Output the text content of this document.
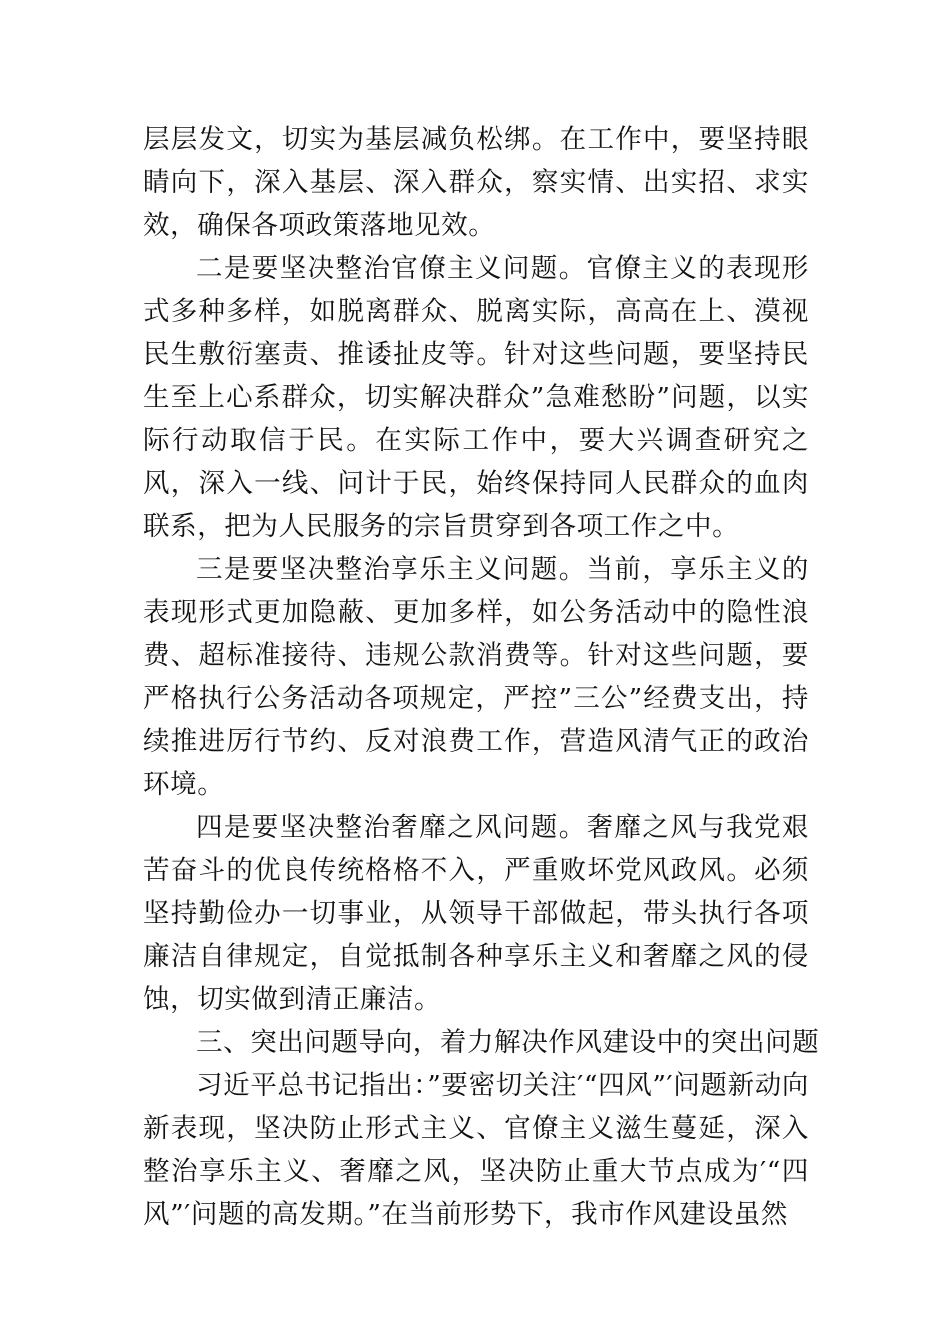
层层发文，切实为基层减负松绑。在工作中，要坚持眼睛向下，深入基层、深入群众，察实情、出实招、求实效，确保各项政策落地见效。

二是要坚决整治官僚主义问题。官僚主义的表现形式多种多样，如脱离群众、脱离实际，高高在上、漠视民生敷衍塞责、推诿扯皮等。针对这些问题，要坚持民生至上心系群众，切实解决群众”急难愁盼”问题，以实际行动取信于民。在实际工作中，要大兴调查研究之风，深入一线、问计于民，始终保持同人民群众的血肉联系，把为人民服务的宗旨贯穿到各项工作之中。

三是要坚决整治享乐主义问题。当前，享乐主义的表现形式更加隐蔽、更加多样，如公务活动中的隐性浪费、超标准接待、违规公款消费等。针对这些问题，要严格执行公务活动各项规定，严控”三公”经费支出，持续推进厉行节约、反对浪费工作，营造风清气正的政治环境。

四是要坚决整治奢靡之风问题。奢靡之风与我党艰苦奋斗的优良传统格格不入，严重败坏党风政风。必须坚持勤俭办一切事业，从领导干部做起，带头执行各项廉洁自律规定，自觉抵制各种享乐主义和奢靡之风的侵蚀，切实做到清正廉洁。

三、突出问题导向，着力解决作风建设中的突出问题

习近平总书记指出：”要密切关注′“四风”′问题新动向新表现，坚决防止形式主义、官僚主义滋生蔓延，深入整治享乐主义、奢靡之风，坚决防止重大节点成为′“四风”′问题的高发期。”在当前形势下，我市作风建设虽然
